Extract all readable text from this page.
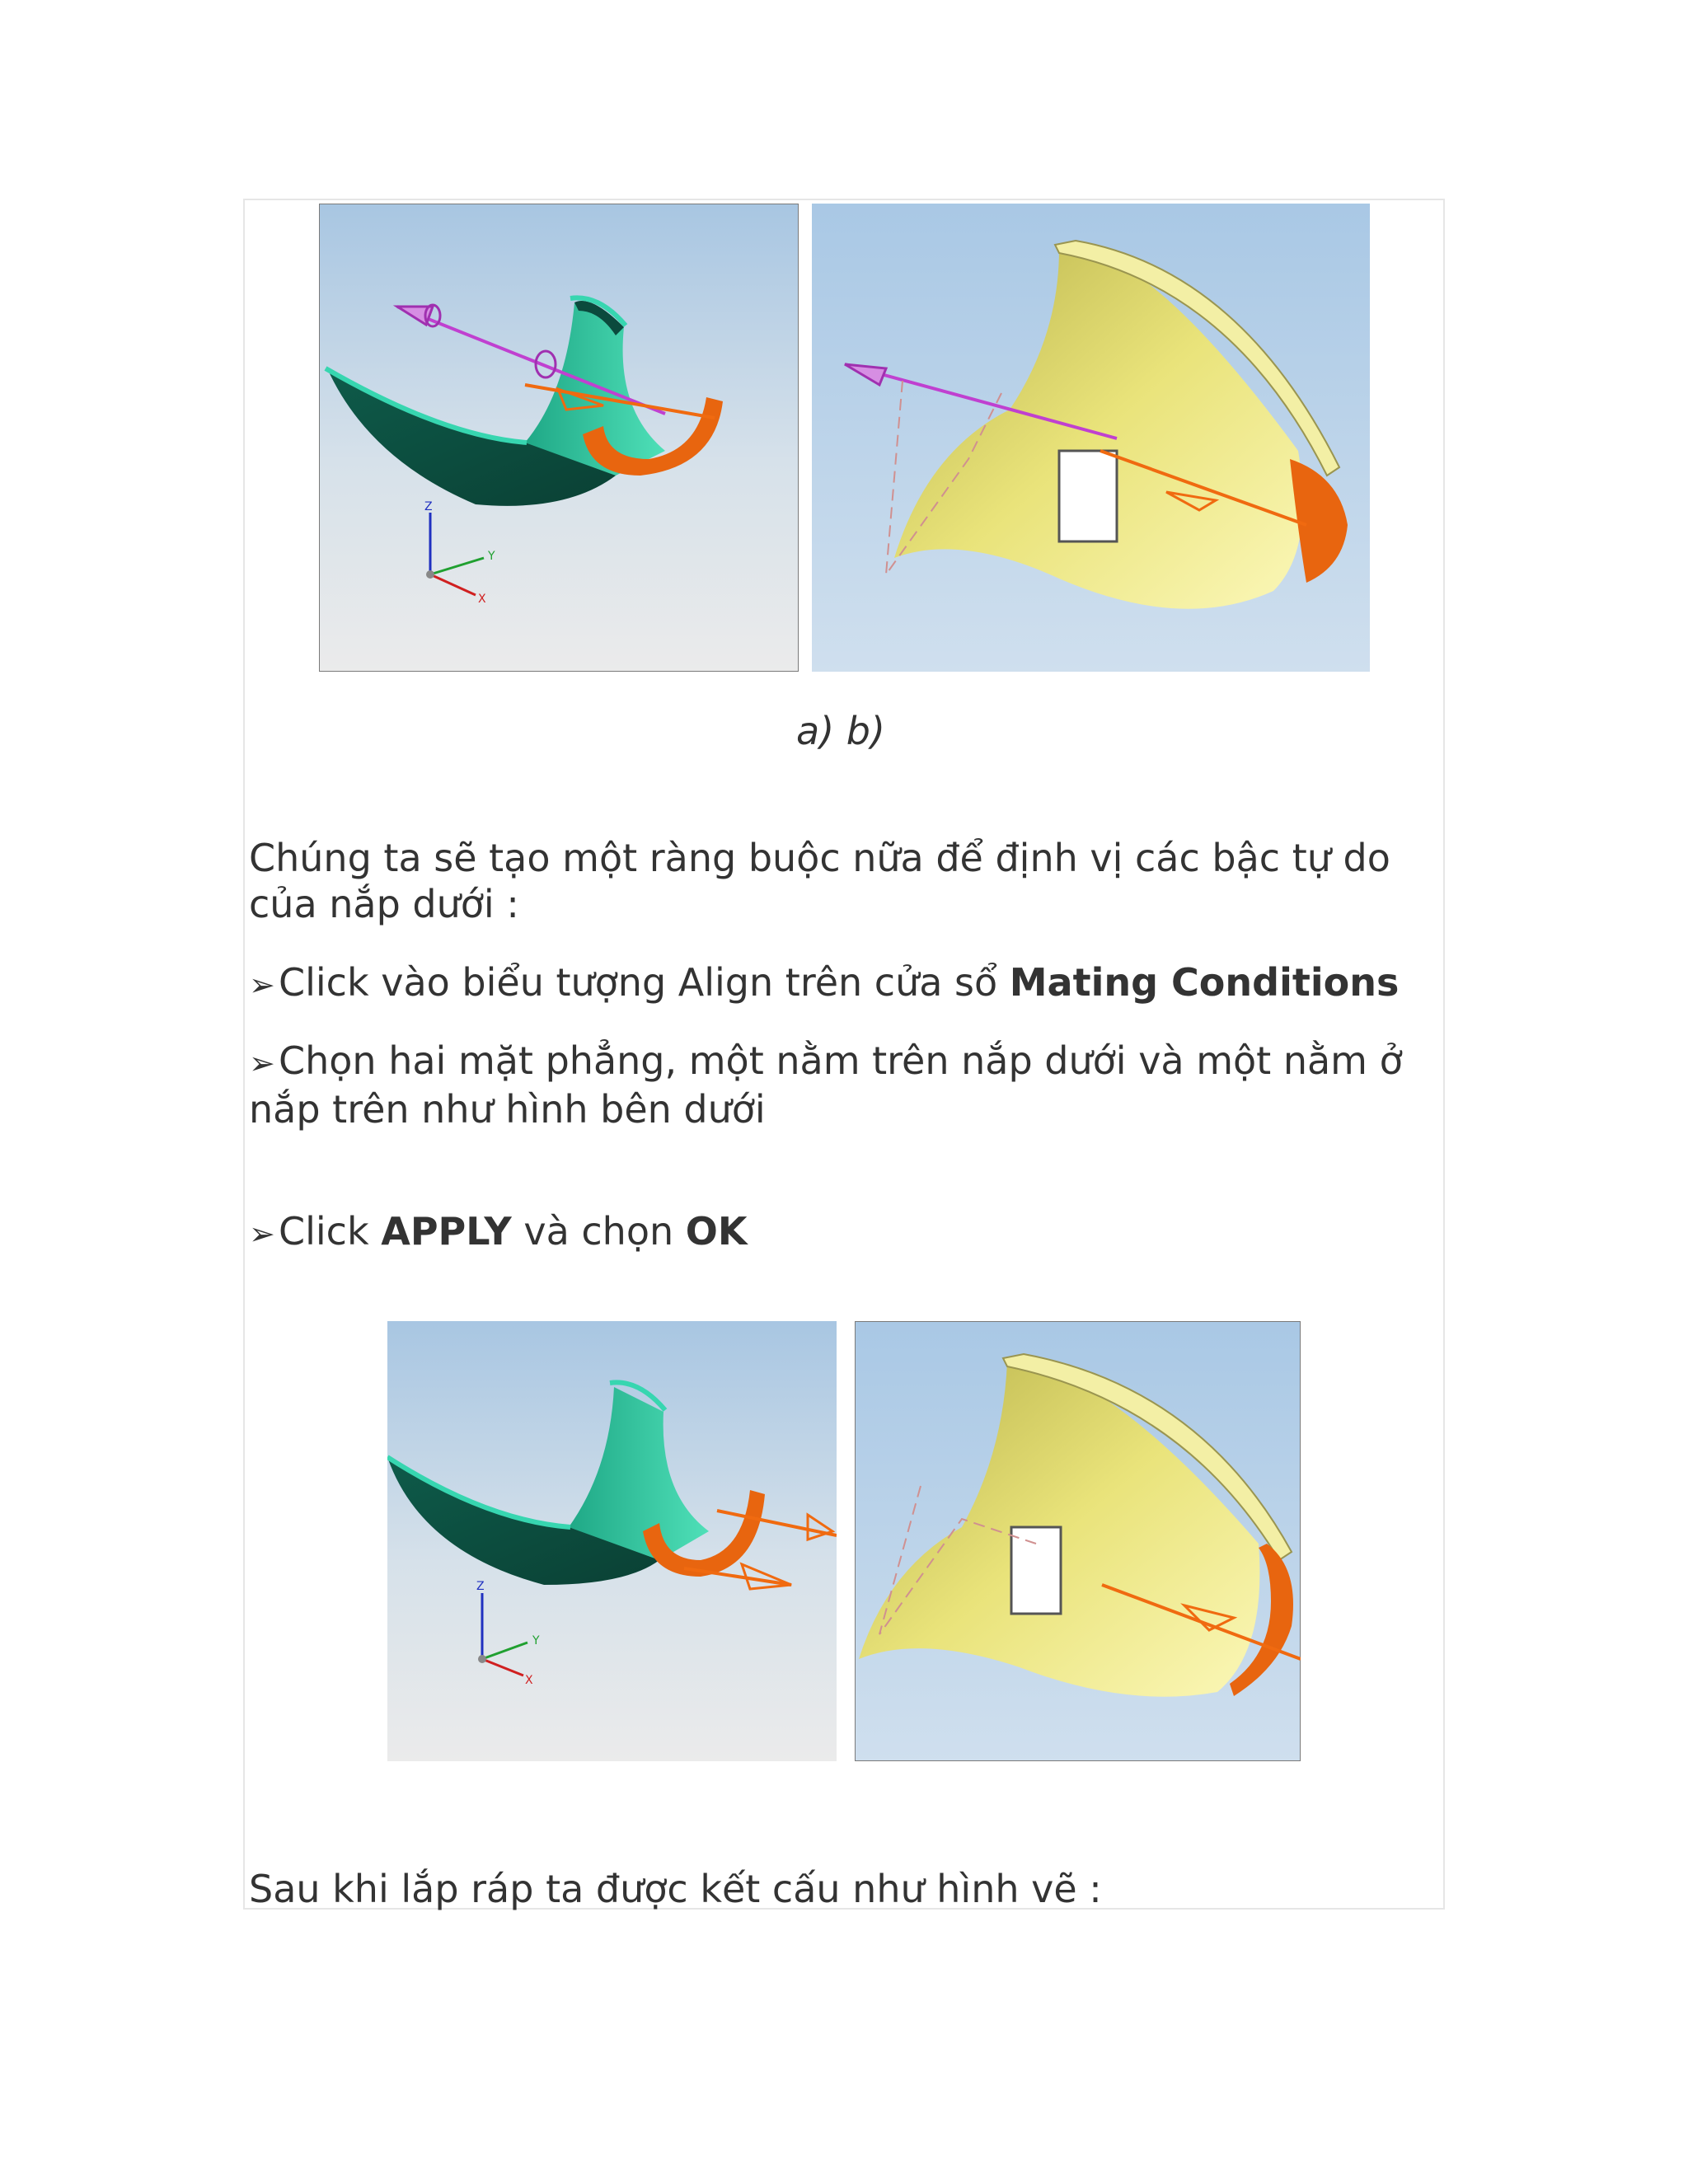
Z
Y
X
a) b)
Chúng ta sẽ tạo một ràng buộc nữa để định vị các bậc tự do của nắp dưới :
➢Click vào biểu tượng Align trên cửa sổ Mating Conditions
➢Chọn hai mặt phẳng, một nằm trên nắp dưới và một nằm ở nắp trên như hình bên dưới
➢Click APPLY và chọn OK
Z
Y
X
Sau khi lắp ráp ta được kết cấu như hình vẽ :
